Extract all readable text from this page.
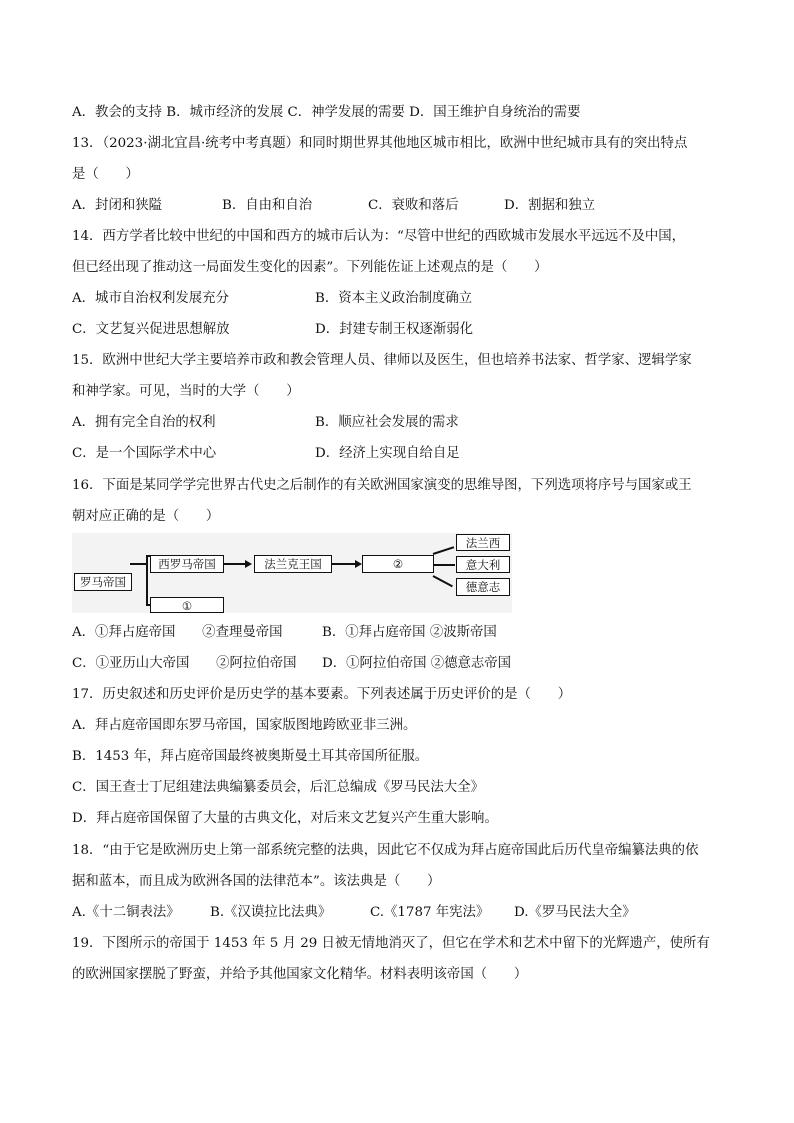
A．教会的支持 B．城市经济的发展 C．神学发展的需要 D．国王维护自身统治的需要
13．（2023·湖北宜昌·统考中考真题）和同时期世界其他地区城市相比，欧洲中世纪城市具有的突出特点
是（　　）
A．封闭和狭隘	B．自由和自治	C．衰败和落后	D．割据和独立
14．西方学者比较中世纪的中国和西方的城市后认为：“尽管中世纪的西欧城市发展水平远远不及中国，
但已经出现了推动这一局面发生变化的因素”。下列能佐证上述观点的是（　　）
A．城市自治权利发展充分	B．资本主义政治制度确立
C．文艺复兴促进思想解放	D．封建专制王权逐渐弱化
15．欧洲中世纪大学主要培养市政和教会管理人员、律师以及医生，但也培养书法家、哲学家、逻辑学家
和神学家。可见，当时的大学（　　）
A．拥有完全自治的权利	B．顺应社会发展的需求
C．是一个国际学术中心	D．经济上实现自给自足
16．下面是某同学学完世界古代史之后制作的有关欧洲国家演变的思维导图，下列选项将序号与国家或王
朝对应正确的是（　　）
罗马帝国
西罗马帝国
①
法兰克王国	②
法兰西
意大利
德意志
A．①拜占庭帝国　　②查理曼帝国	B．①拜占庭帝国 ②波斯帝国
C．①亚历山大帝国　　②阿拉伯帝国 D．①阿拉伯帝国 ②德意志帝国
17．历史叙述和历史评价是历史学的基本要素。下列表述属于历史评价的是（　　）
A．拜占庭帝国即东罗马帝国，国家版图地跨欧亚非三洲。
B．1453 年，拜占庭帝国最终被奥斯曼土耳其帝国所征服。
C．国王查士丁尼组建法典编纂委员会，后汇总编成《罗马民法大全》
D．拜占庭帝国保留了大量的古典文化，对后来文艺复兴产生重大影响。
18．“由于它是欧洲历史上第一部系统完整的法典，因此它不仅成为拜占庭帝国此后历代皇帝编纂法典的依
据和蓝本，而且成为欧洲各国的法律范本”。该法典是（　　）
A.《十二铜表法》 B.《汉谟拉比法典》	C.《1787 年宪法》 D.《罗马民法大全》
19．下图所示的帝国于 1453 年 5 月 29 日被无情地消灭了，但它在学术和艺术中留下的光辉遗产，使所有
的欧洲国家摆脱了野蛮，并给予其他国家文化精华。材料表明该帝国（　　）
